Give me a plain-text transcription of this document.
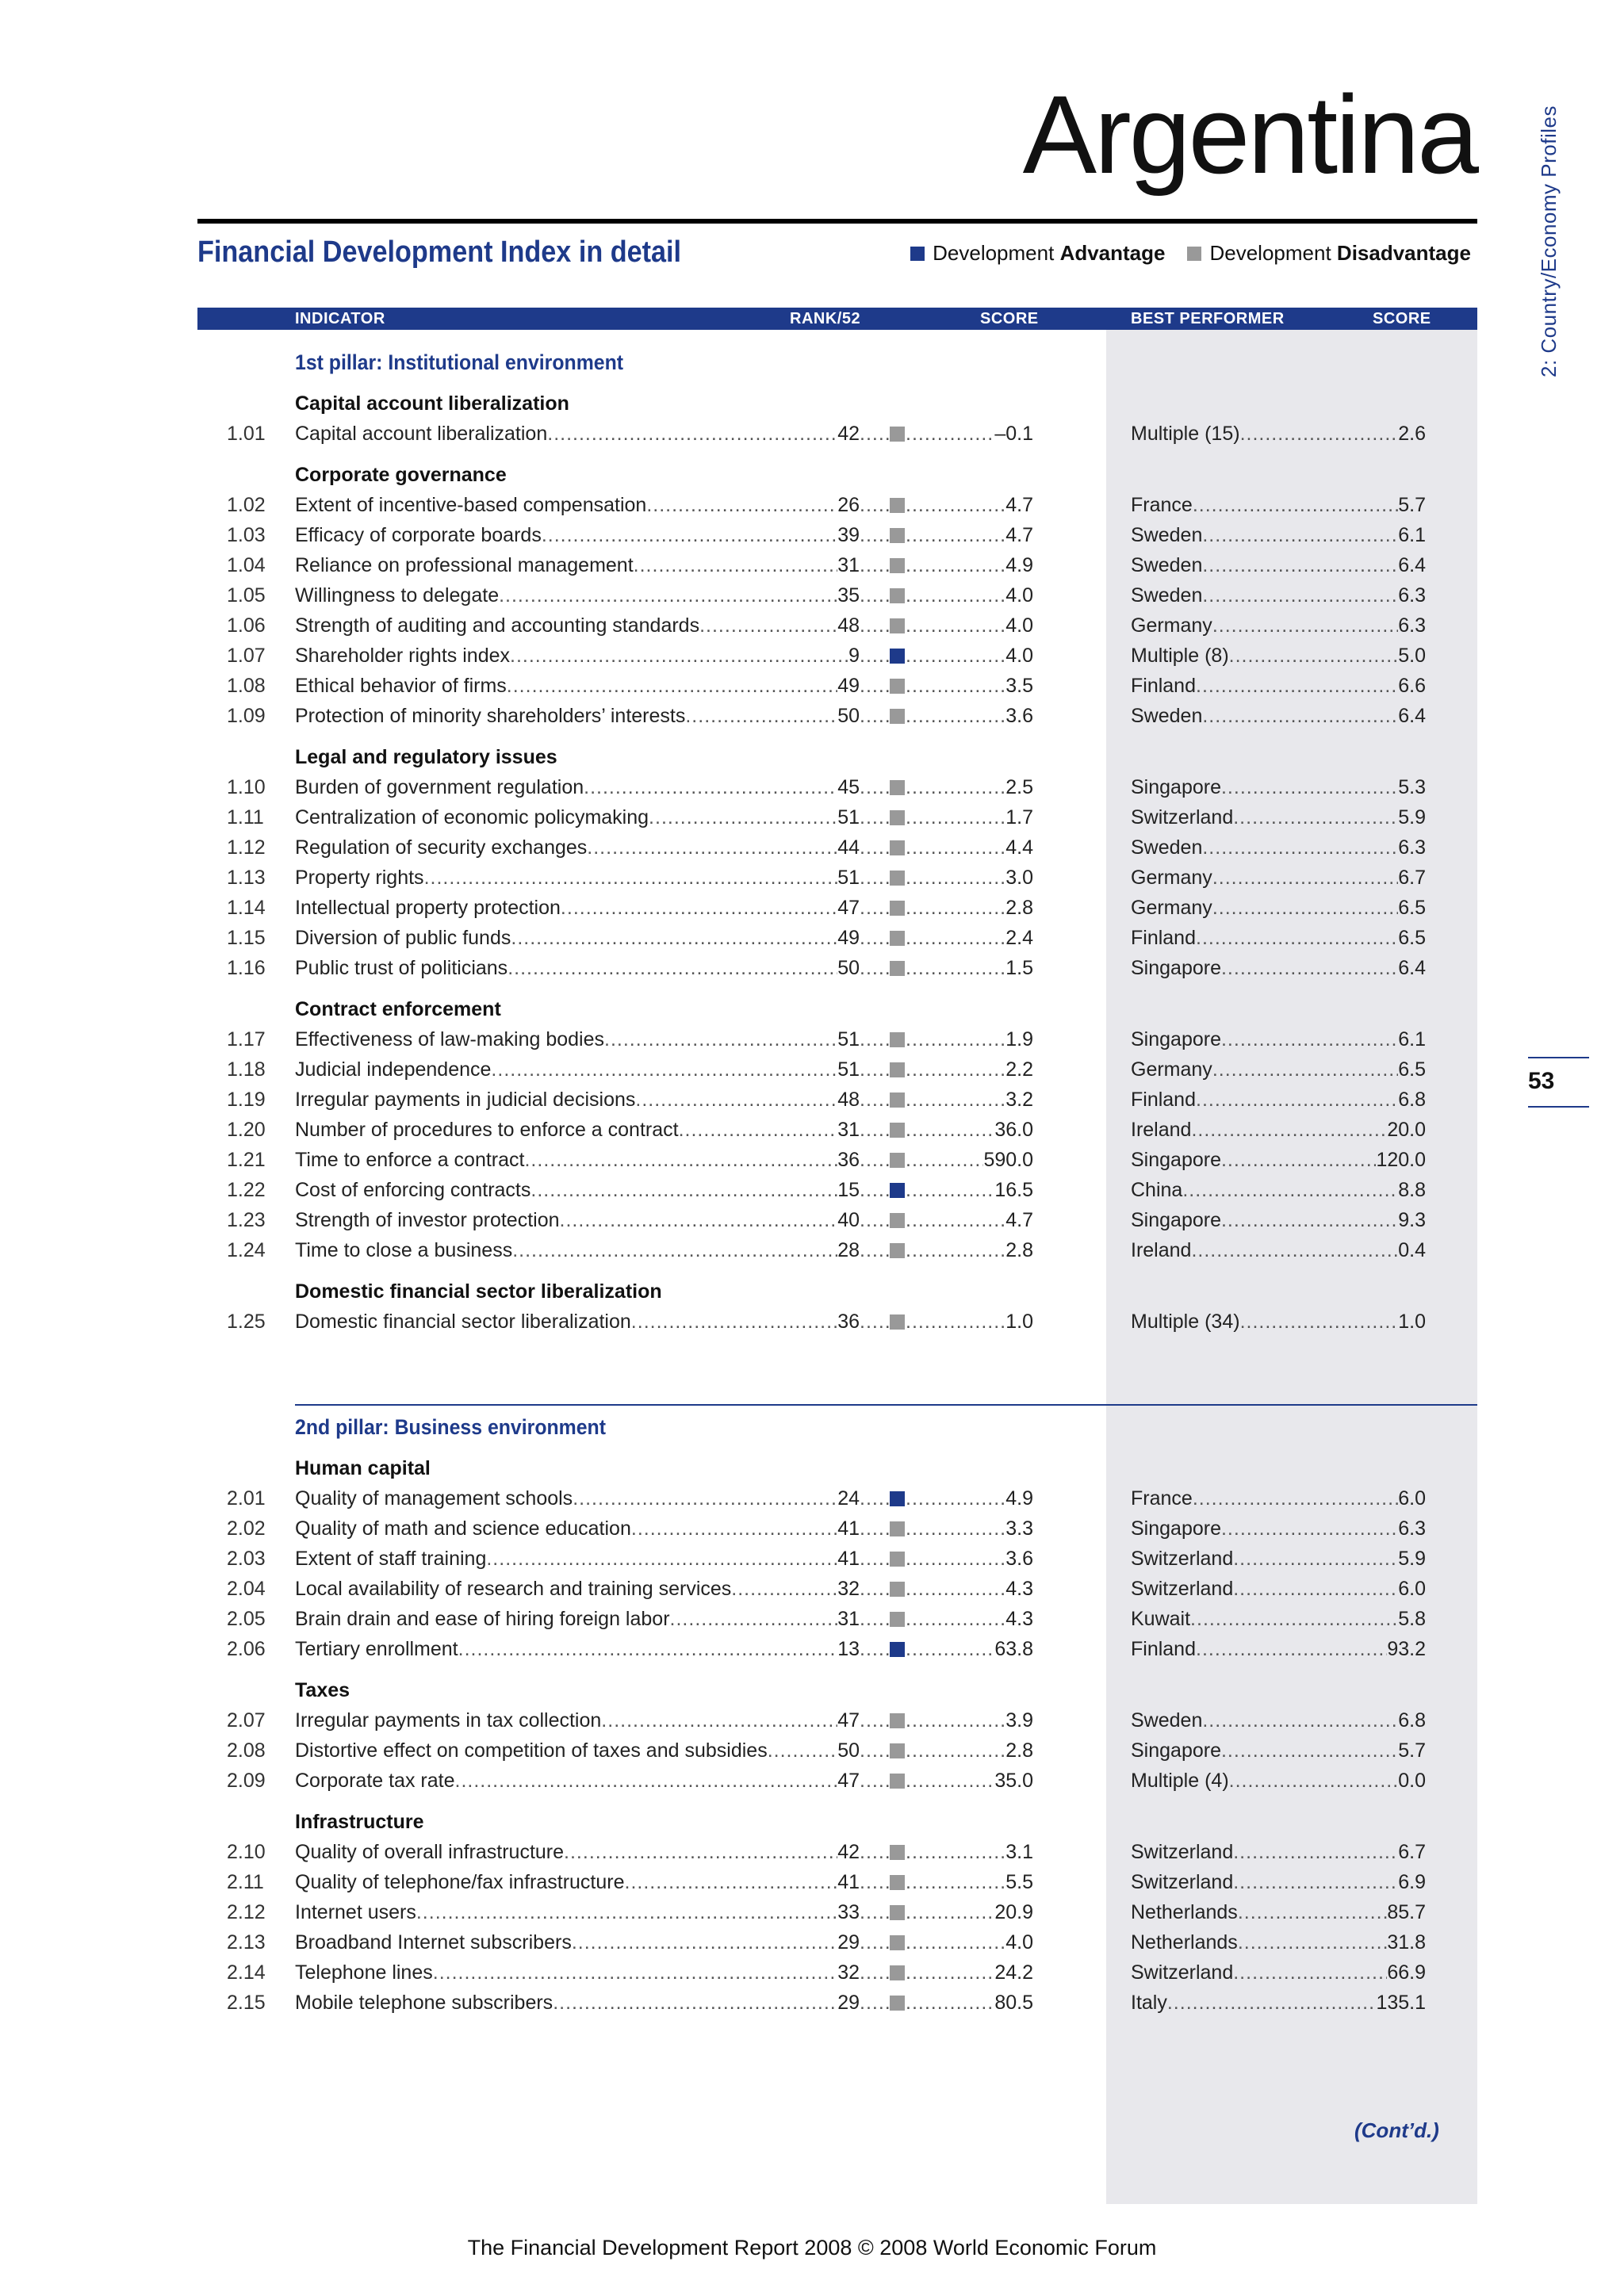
Argentina
Financial Development Index in detail	Development Advantage Development Disadvantage	2: Country/Economy Profiles
53
INDICATOR	RANK/52	SCORE	BEST PERFORMER	SCORE
1st pillar: Institutional environment
Capital account liberalization
1.01 Capital account liberalization .....	42 ..... .....	–0.1	Multiple (15) .....	2.6
Corporate governance
1.02 Extent of incentive-based compensation .....	26 ..... .....	4.7	France .....	5.7
1.03 Efficacy of corporate boards .....	39 ..... .....	4.7	Sweden .....	6.1
1.04 Reliance on professional management .....	31 ..... .....	4.9	Sweden .....	6.4
1.05 Willingness to delegate .....	35 ..... .....	4.0	Sweden .....	6.3
1.06 Strength of auditing and accounting standards .....	48 ..... .....	4.0	Germany .....	6.3
1.07 Shareholder rights index .....	9 ..... .....	4.0	Multiple (8) .....	5.0
1.08 Ethical behavior of firms .....	49 ..... .....	3.5	Finland .....	6.6
1.09 Protection of minority shareholders’ interests .....	50 ..... .....	3.6	Sweden .....	6.4
Legal and regulatory issues
1.10 Burden of government regulation .....	45 ..... .....	2.5	Singapore .....	5.3
1.11 Centralization of economic policymaking .....	51 ..... .....	1.7	Switzerland .....	5.9
1.12 Regulation of security exchanges .....	44 ..... .....	4.4	Sweden .....	6.3
1.13 Property rights .....	51 ..... .....	3.0	Germany .....	6.7
1.14 Intellectual property protection .....	47 ..... .....	2.8	Germany .....	6.5
1.15 Diversion of public funds .....	49 ..... .....	2.4	Finland .....	6.5
1.16 Public trust of politicians .....	50 ..... .....	1.5	Singapore .....	6.4
Contract enforcement
1.17 Effectiveness of law-making bodies .....	51 ..... .....	1.9	Singapore .....	6.1
1.18 Judicial independence .....	51 ..... .....	2.2	Germany .....	6.5
1.19 Irregular payments in judicial decisions .....	48 ..... .....	3.2	Finland .....	6.8
1.20 Number of procedures to enforce a contract .....	31 ..... .....	36.0	Ireland .....	20.0
1.21 Time to enforce a contract .....	36 ..... .....	590.0	Singapore .....	120.0
1.22 Cost of enforcing contracts .....	15 ..... .....	16.5	China .....	8.8
1.23 Strength of investor protection .....	40 ..... .....	4.7	Singapore .....	9.3
1.24 Time to close a business .....	28 ..... .....	2.8	Ireland .....	0.4
Domestic financial sector liberalization
1.25 Domestic financial sector liberalization .....	36 ..... .....	1.0	Multiple (34) .....	1.0
2nd pillar: Business environment
Human capital
2.01 Quality of management schools .....	24 ..... .....	4.9	France .....	6.0
2.02 Quality of math and science education .....	41 ..... .....	3.3	Singapore .....	6.3
2.03 Extent of staff training .....	41 ..... .....	3.6	Switzerland .....	5.9
2.04 Local availability of research and training services .....	32 ..... .....	4.3	Switzerland .....	6.0
2.05 Brain drain and ease of hiring foreign labor .....	31 ..... .....	4.3	Kuwait .....	5.8
2.06 Tertiary enrollment .....	13 ..... .....	63.8	Finland .....	93.2
Taxes
2.07 Irregular payments in tax collection .....	47 ..... .....	3.9	Sweden .....	6.8
2.08 Distortive effect on competition of taxes and subsidies .....	50 ..... .....	2.8	Singapore .....	5.7
2.09 Corporate tax rate .....	47 ..... .....	35.0	Multiple (4) .....	0.0
Infrastructure
2.10 Quality of overall infrastructure .....	42 ..... .....	3.1	Switzerland .....	6.7
2.11 Quality of telephone/fax infrastructure .....	41 ..... .....	5.5	Switzerland .....	6.9
2.12 Internet users .....	33 ..... .....	20.9	Netherlands .....	85.7
2.13 Broadband Internet subscribers .....	29 ..... .....	4.0	Netherlands .....	31.8
2.14 Telephone lines .....	32 ..... .....	24.2	Switzerland .....	66.9
2.15 Mobile telephone subscribers .....	29 ..... .....	80.5	Italy .....	135.1
(Cont’d.)
The Financial Development Report 2008 © 2008 World Economic Forum
